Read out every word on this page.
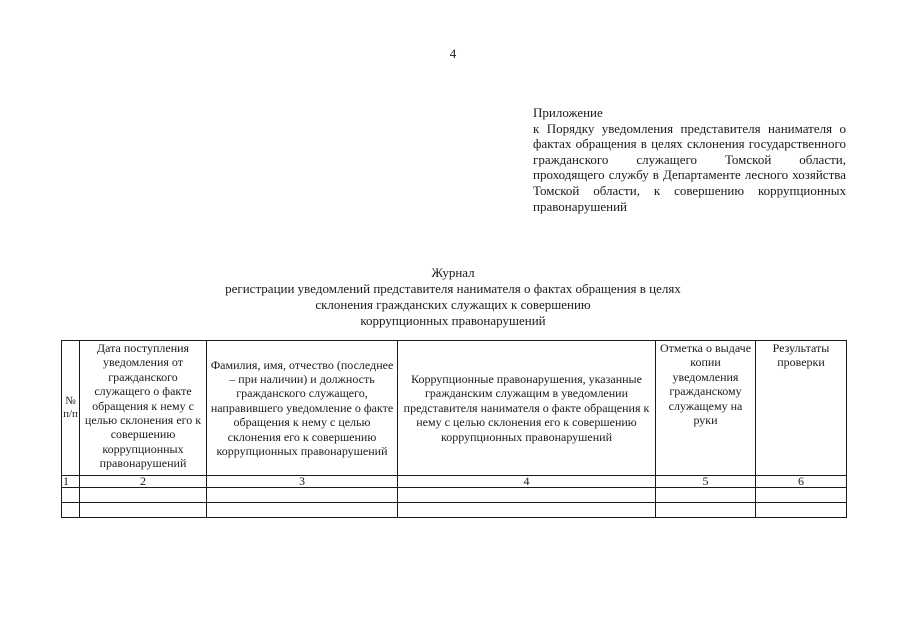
4
Приложение
к Порядку уведомления представителя нанимателя о фактах обращения в целях склонения государственного гражданского служащего Томской области, проходящего службу в Департаменте лесного хозяйства Томской области, к совершению коррупционных правонарушений
Журнал
регистрации уведомлений представителя нанимателя о фактах обращения в целях
склонения гражданских служащих к совершению
коррупционных правонарушений
№ п/п	Дата поступления уведомления от гражданского служащего о факте обращения к нему с целью склонения его к совершению коррупционных правонарушений	Фамилия, имя, отчество (последнее – при наличии) и должность гражданского служащего, направившего уведомление о факте обращения к нему с целью склонения его к совершению коррупционных правонарушений	Коррупционные правонарушения, указанные гражданским служащим в уведомлении представителя нанимателя о факте обращения к нему с целью склонения его к совершению коррупционных правонарушений	Отметка о выдаче копии уведомления гражданскому служащему на руки	Результаты проверки
1	2	3	4	5	6
